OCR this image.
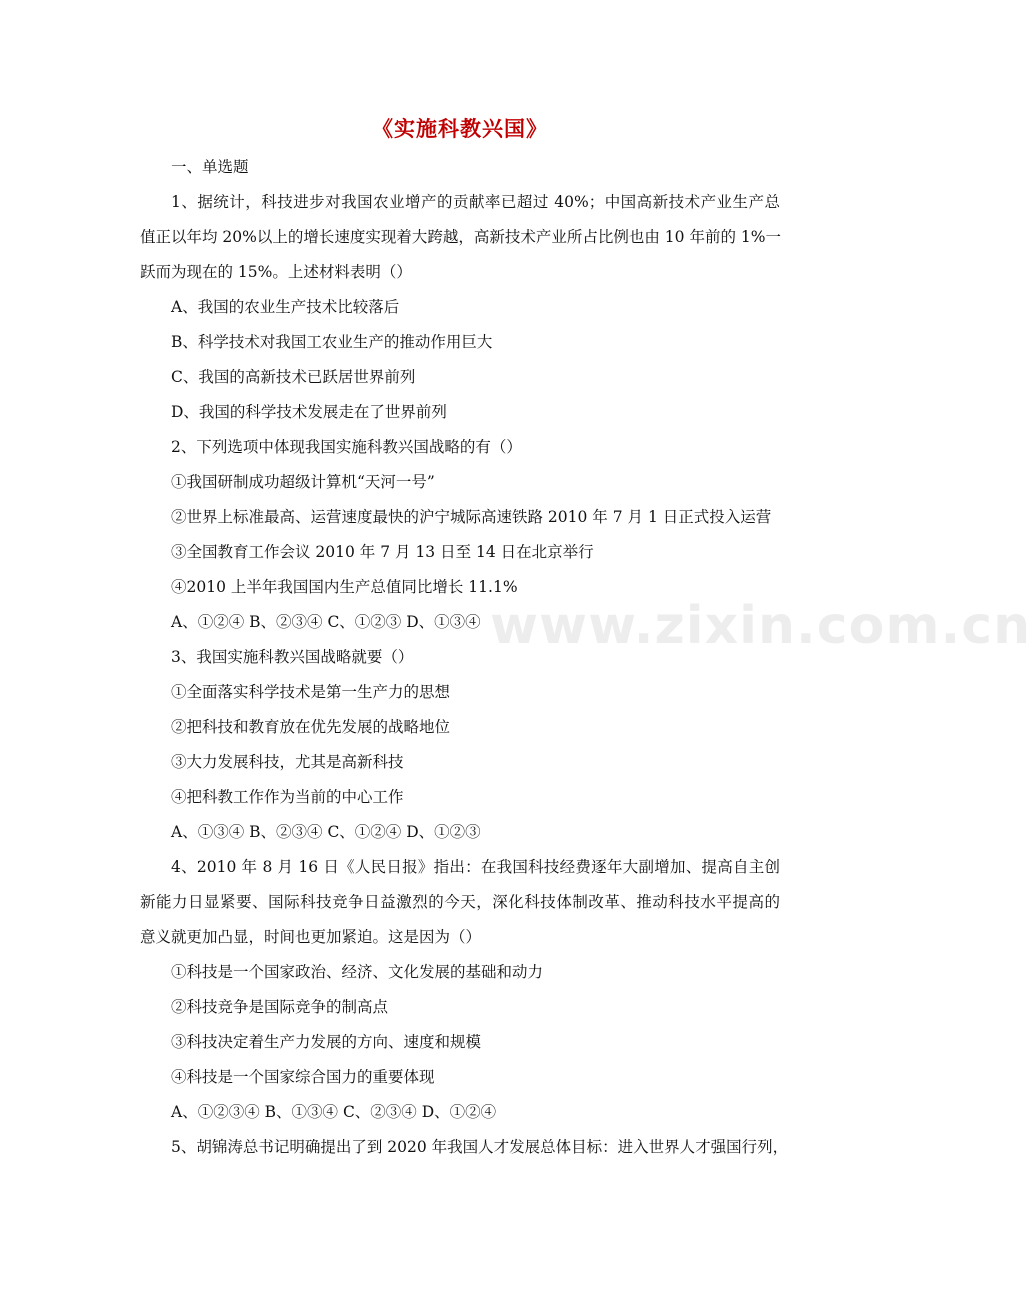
《实施科教兴国》
一、单选题
1、据统计，科技进步对我国农业增产的贡献率已超过 40%；中国高新技术产业生产总
值正以年均 20%以上的增长速度实现着大跨越，高新技术产业所占比例也由 10 年前的 1%一
跃而为现在的 15%。上述材料表明（）
A、我国的农业生产技术比较落后
B、科学技术对我国工农业生产的推动作用巨大
C、我国的高新技术已跃居世界前列
D、我国的科学技术发展走在了世界前列
2、下列选项中体现我国实施科教兴国战略的有（）
①我国研制成功超级计算机“天河一号”
②世界上标准最高、运营速度最快的沪宁城际高速铁路 2010 年 7 月 1 日正式投入运营
③全国教育工作会议 2010 年 7 月 13 日至 14 日在北京举行
④2010 上半年我国国内生产总值同比增长 11.1%
A、①②④ B、②③④ C、①②③ D、①③④
3、我国实施科教兴国战略就要（）
①全面落实科学技术是第一生产力的思想
②把科技和教育放在优先发展的战略地位
③大力发展科技，尤其是高新科技
④把科教工作作为当前的中心工作
A、①③④ B、②③④ C、①②④ D、①②③
4、2010 年 8 月 16 日《人民日报》指出：在我国科技经费逐年大副增加、提高自主创
新能力日显紧要、国际科技竞争日益激烈的今天，深化科技体制改革、推动科技水平提高的
意义就更加凸显，时间也更加紧迫。这是因为（）
①科技是一个国家政治、经济、文化发展的基础和动力
②科技竞争是国际竞争的制高点
③科技决定着生产力发展的方向、速度和规模
④科技是一个国家综合国力的重要体现
A、①②③④ B、①③④ C、②③④ D、①②④
5、胡锦涛总书记明确提出了到 2020 年我国人才发展总体目标：进入世界人才强国行列，
www.zixin.com.cn
